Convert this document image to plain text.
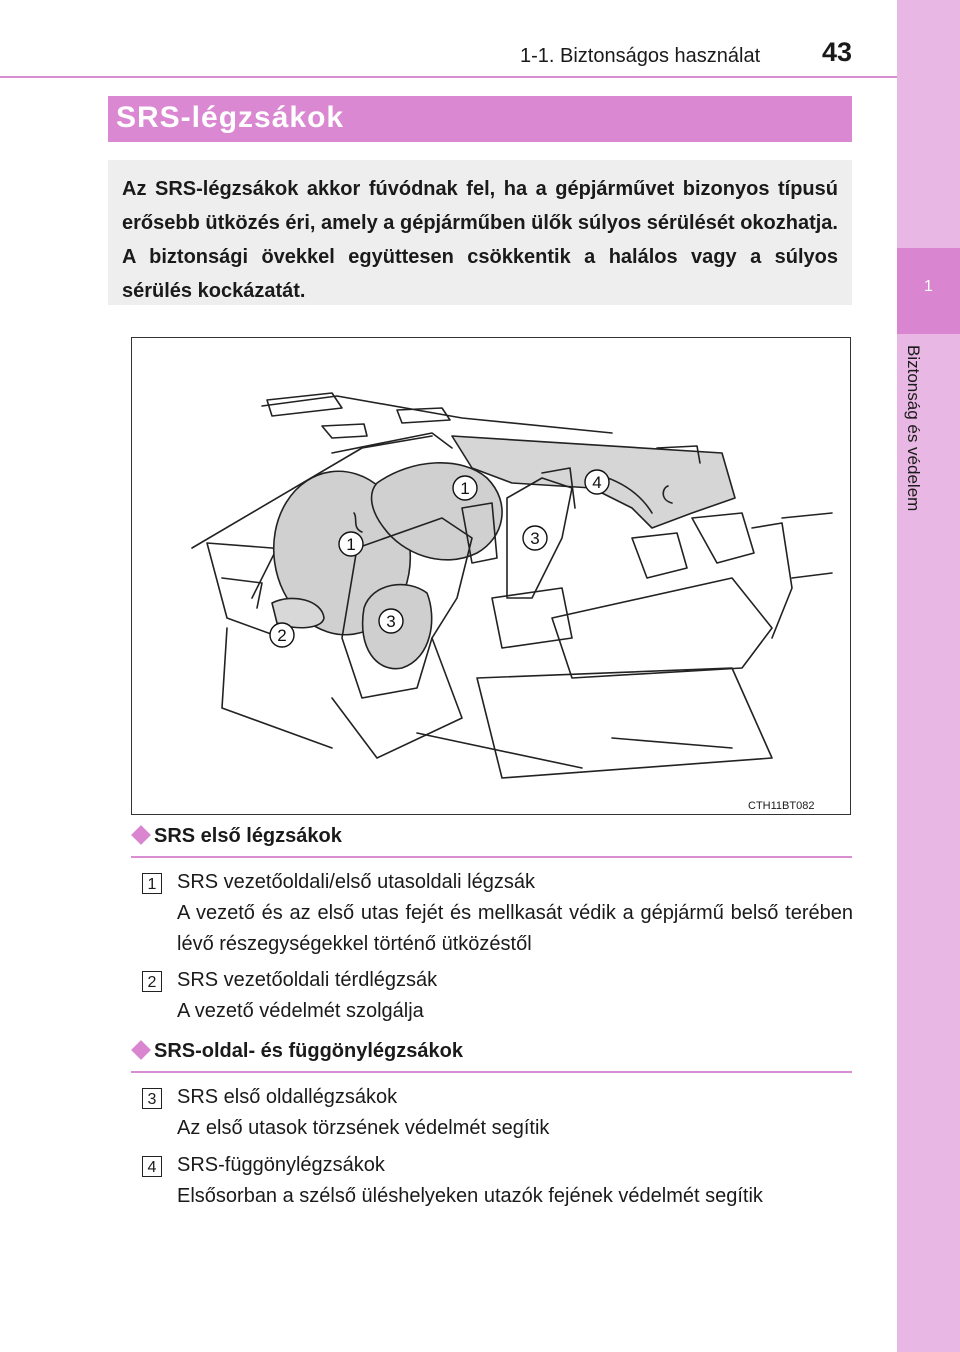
1-1. Biztonságos használat 43
1
Biztonság és védelem
SRS-légzsákok
Az SRS-légzsákok akkor fúvódnak fel, ha a gépjárművet bizonyos típusú erősebb ütközés éri, amely a gépjárműben ülők súlyos sérülését okozhatja. A biztonsági övekkel együttesen csökkentik a halálos vagy a súlyos sérülés kockázatát.
1
1
2
3
3
4
CTH11BT082
SRS első légzsákok
1 SRS vezetőoldali/első utasoldali légzsák
A vezető és az első utas fejét és mellkasát védik a gépjármű belső terében lévő részegységekkel történő ütközéstől
2 SRS vezetőoldali térdlégzsák
A vezető védelmét szolgálja
SRS-oldal- és függönylégzsákok
3 SRS első oldallégzsákok
Az első utasok törzsének védelmét segítik
4 SRS-függönylégzsákok
Elsősorban a szélső üléshelyeken utazók fejének védelmét segítik
